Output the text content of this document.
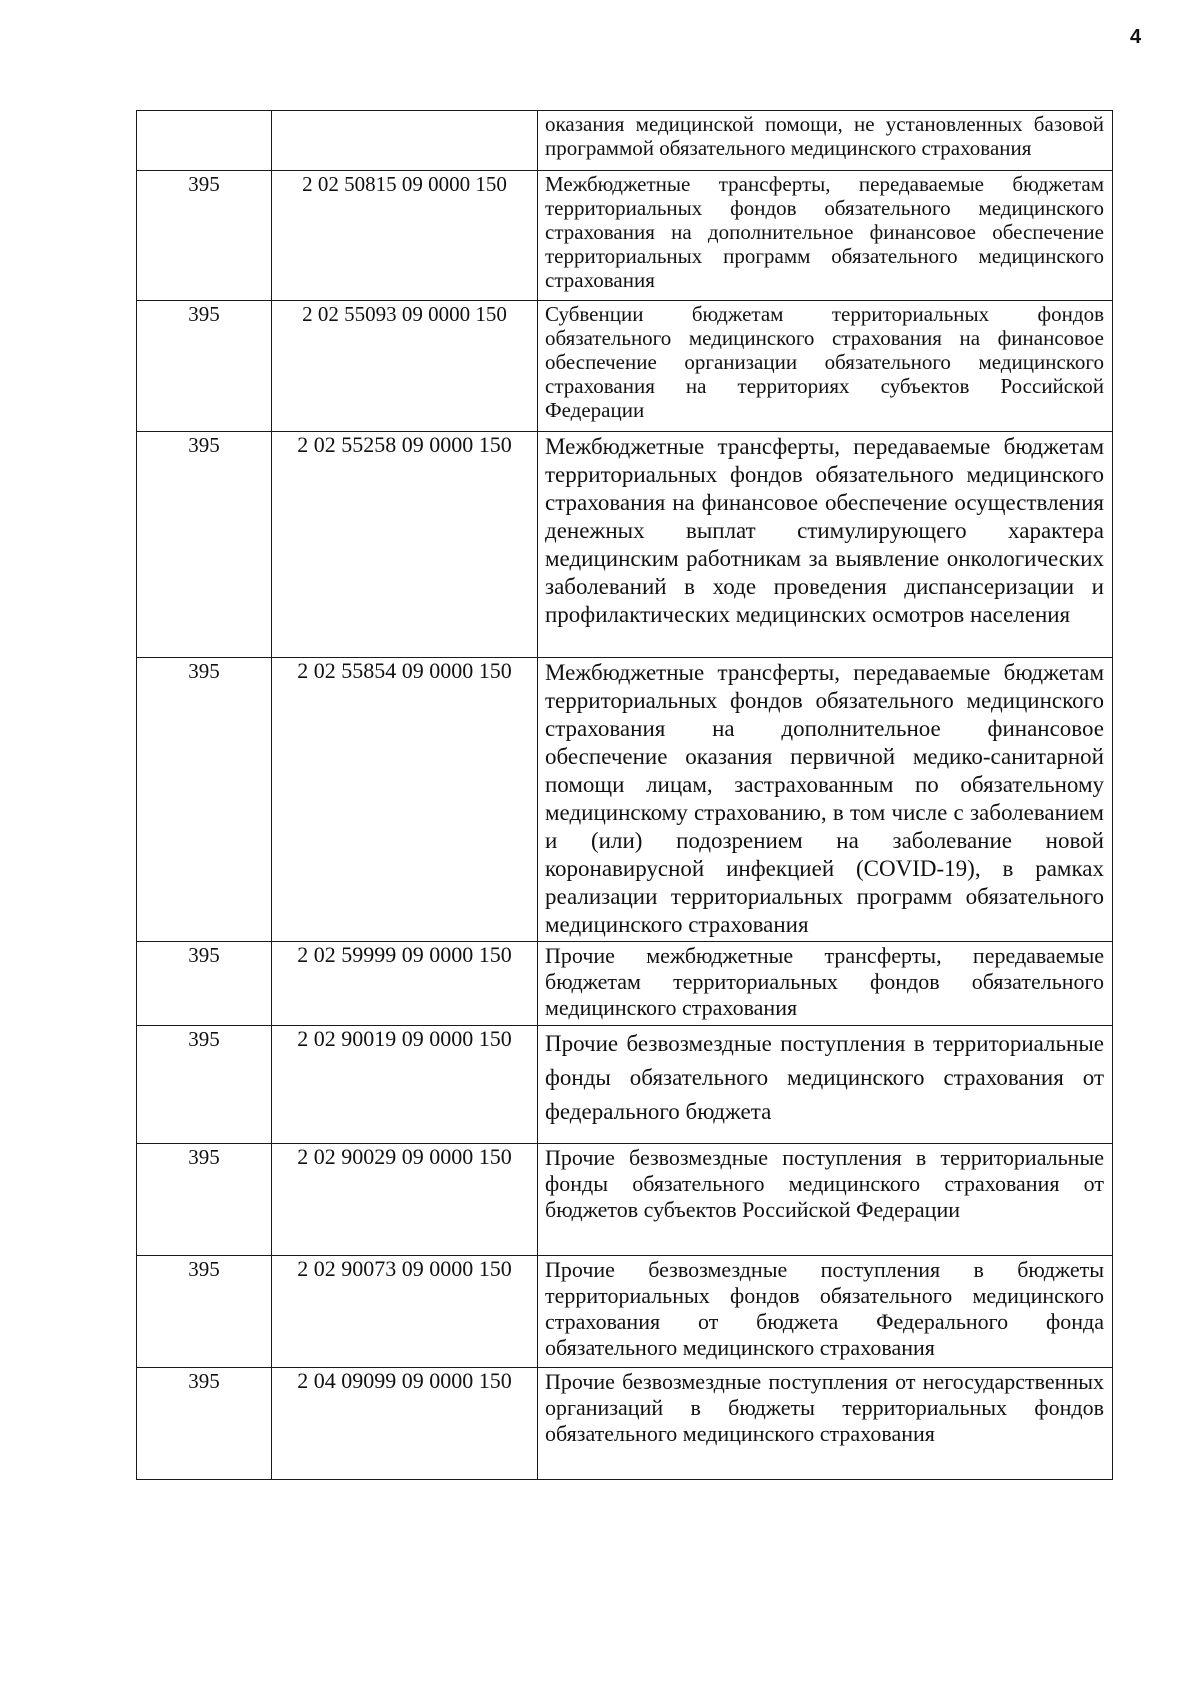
4
		оказания медицинской помощи, не установленных базовой программой обязательного медицинского страхования
395	2 02 50815 09 0000 150	Межбюджетные трансферты, передаваемые бюджетам территориальных фондов обязательного медицинского страхования на дополнительное финансовое обеспечение территориальных программ обязательного медицинского страхования
395	2 02 55093 09 0000 150	Субвенции бюджетам территориальных фондов обязательного медицинского страхования на финансовое обеспечение организации обязательного медицинского страхования на территориях субъектов Российской Федерации
395	2 02 55258 09 0000 150	Межбюджетные трансферты, передаваемые бюджетам территориальных фондов обязательного медицинского страхования на финансовое обеспечение осуществления денежных выплат стимулирующего характера медицинским работникам за выявление онкологических заболеваний в ходе проведения диспансеризации и профилактических медицинских осмотров населения
395	2 02 55854 09 0000 150	Межбюджетные трансферты, передаваемые бюджетам территориальных фондов обязательного медицинского страхования на дополнительное финансовое обеспечение оказания первичной медико-санитарной помощи лицам, застрахованным по обязательному медицинскому страхованию, в том числе с заболеванием и (или) подозрением на заболевание новой коронавирусной инфекцией (COVID-19), в рамках реализации территориальных программ обязательного медицинского страхования
395	2 02 59999 09 0000 150	Прочие межбюджетные трансферты, передаваемые бюджетам территориальных фондов обязательного медицинского страхования
395	2 02 90019 09 0000 150	Прочие безвозмездные поступления в территориальные фонды обязательного медицинского страхования от федерального бюджета
395	2 02 90029 09 0000 150	Прочие безвозмездные поступления в территориальные фонды обязательного медицинского страхования от бюджетов субъектов Российской Федерации
395	2 02 90073 09 0000 150	Прочие безвозмездные поступления в бюджеты территориальных фондов обязательного медицинского страхования от бюджета Федерального фонда обязательного медицинского страхования
395	2 04 09099 09 0000 150	Прочие безвозмездные поступления от негосударственных организаций в бюджеты территориальных фондов обязательного медицинского страхования
